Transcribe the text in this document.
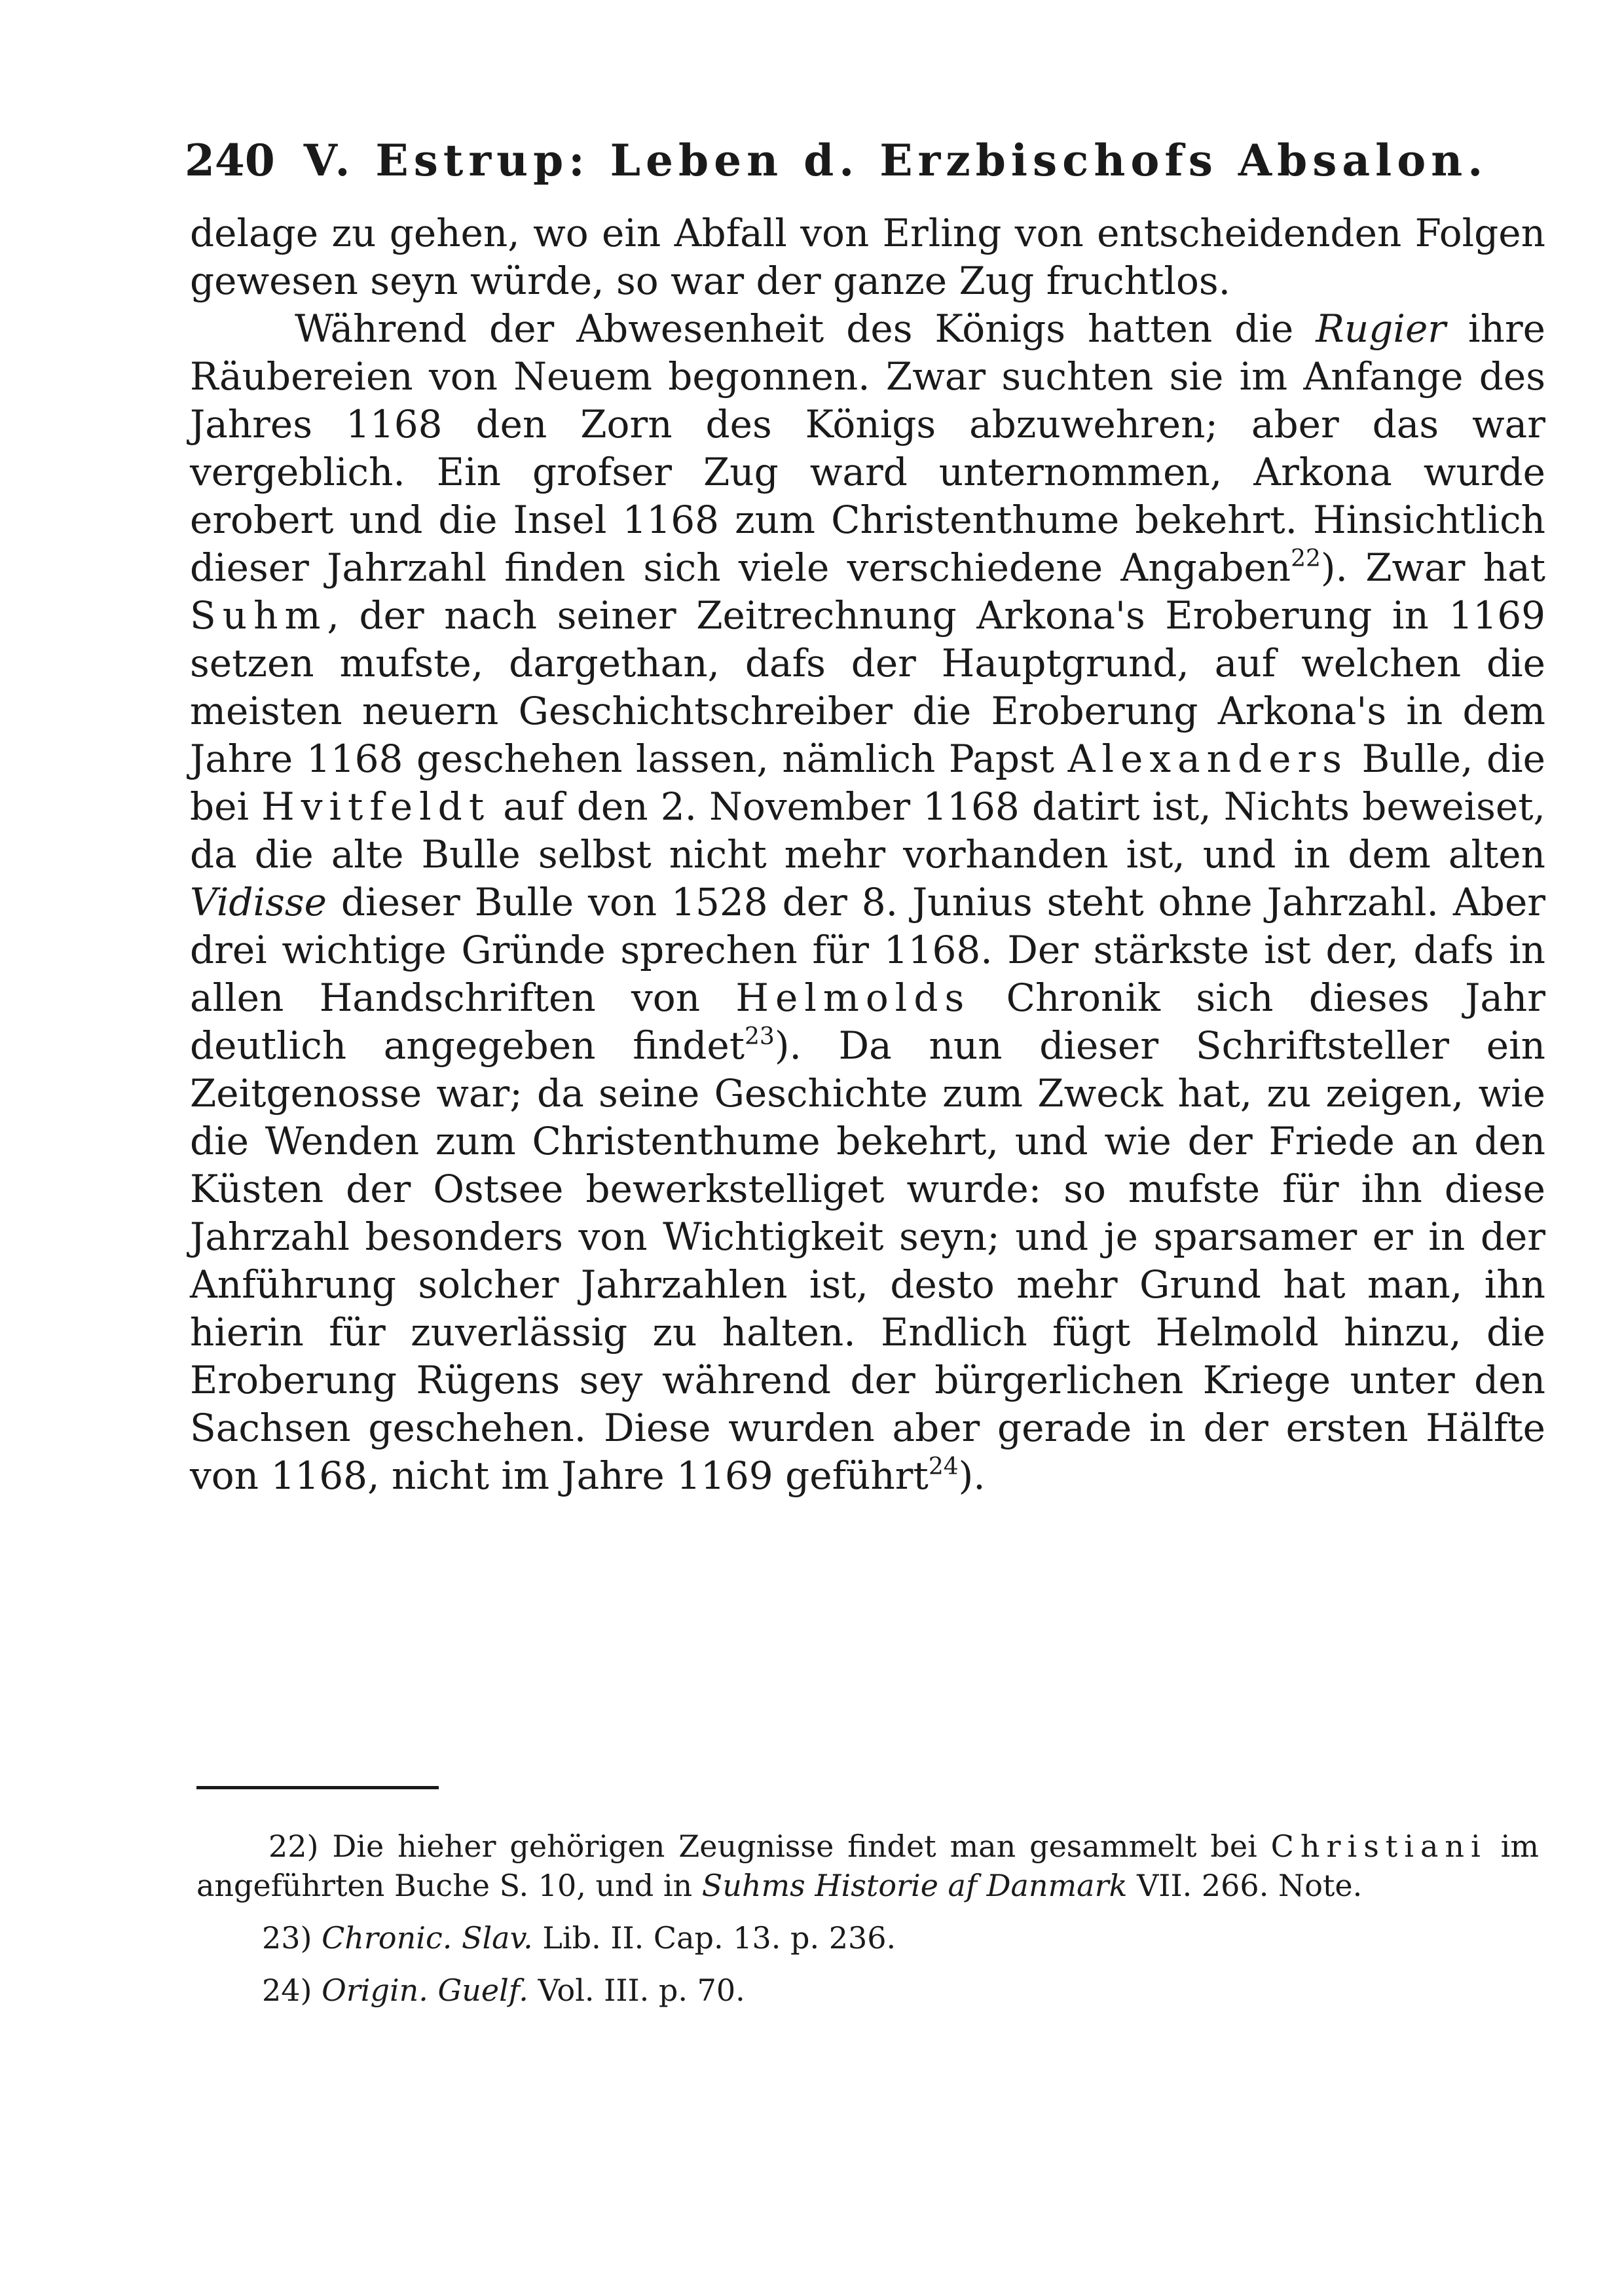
240 V. Estrup: Leben d. Erzbischofs Absalon.

delage zu gehen, wo ein Abfall von Erling von entscheidenden Folgen gewesen seyn würde, so war der ganze Zug fruchtlos.

Während der Abwesenheit des Königs hatten die Rugier ihre Räubereien von Neuem begonnen. Zwar suchten sie im Anfange des Jahres 1168 den Zorn des Königs abzuwehren; aber das war vergeblich. Ein grofser Zug ward unternommen, Arkona wurde erobert und die Insel 1168 zum Christenthume bekehrt. Hinsichtlich dieser Jahrzahl finden sich viele verschiedene Angaben$^{22}$). Zwar hat Suhm, der nach seiner Zeitrechnung Arkona's Eroberung in 1169 setzen mufste, dargethan, dafs der Hauptgrund, auf welchen die meisten neuern Geschichtschreiber die Eroberung Arkona's in dem Jahre 1168 geschehen lassen, nämlich Papst Alexanders Bulle, die bei Hvitfeldt auf den 2. November 1168 datirt ist, Nichts beweiset, da die alte Bulle selbst nicht mehr vorhanden ist, und in dem alten Vidisse dieser Bulle von 1528 der 8. Junius steht ohne Jahrzahl. Aber drei wichtige Gründe sprechen für 1168. Der stärkste ist der, dafs in allen Handschriften von Helmolds Chronik sich dieses Jahr deutlich angegeben findet$^{23}$). Da nun dieser Schriftsteller ein Zeitgenosse war; da seine Geschichte zum Zweck hat, zu zeigen, wie die Wenden zum Christenthume bekehrt, und wie der Friede an den Küsten der Ostsee bewerkstelliget wurde: so mufste für ihn diese Jahrzahl besonders von Wichtigkeit seyn; und je sparsamer er in der Anführung solcher Jahrzahlen ist, desto mehr Grund hat man, ihn hierin für zuverlässig zu halten. Endlich fügt Helmold hinzu, die Eroberung Rügens sey während der bürgerlichen Kriege unter den Sachsen geschehen. Diese wurden aber gerade in der ersten Hälfte von 1168, nicht im Jahre 1169 geführt$^{24}$).

22) Die hieher gehörigen Zeugnisse findet man gesammelt bei Christiani im angeführten Buche S. 10, und in Suhms Historie af Danmark VII. 266. Note.

23) Chronic. Slav. Lib. II. Cap. 13. p. 236.

24) Origin. Guelf. Vol. III. p. 70.
